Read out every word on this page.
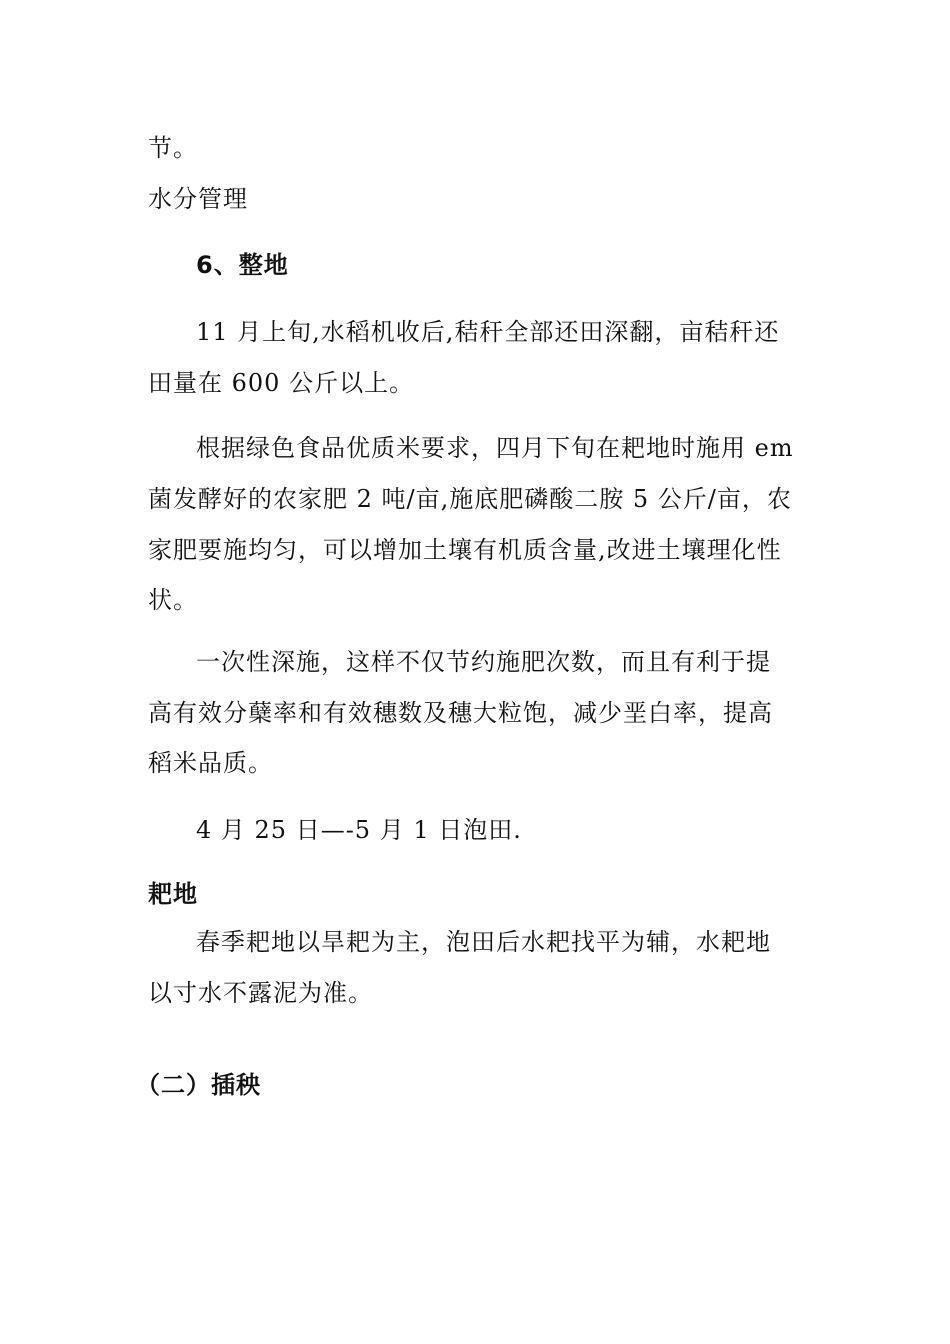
节。
水分管理
6、整地
11 月上旬,水稻机收后,秸秆全部还田深翻，亩秸秆还
田量在 600 公斤以上。
根据绿色食品优质米要求，四月下旬在耙地时施用 em
菌发酵好的农家肥 2 吨/亩,施底肥磷酸二胺 5 公斤/亩，农
家肥要施均匀，可以增加土壤有机质含量,改进土壤理化性
状。
一次性深施，这样不仅节约施肥次数，而且有利于提
高有效分蘖率和有效穗数及穗大粒饱，减少垩白率，提高
稻米品质。
4 月 25 日—-5 月 1 日泡田.
耙地
春季耙地以旱耙为主，泡田后水耙找平为辅，水耙地
以寸水不露泥为准。
（二）插秧
